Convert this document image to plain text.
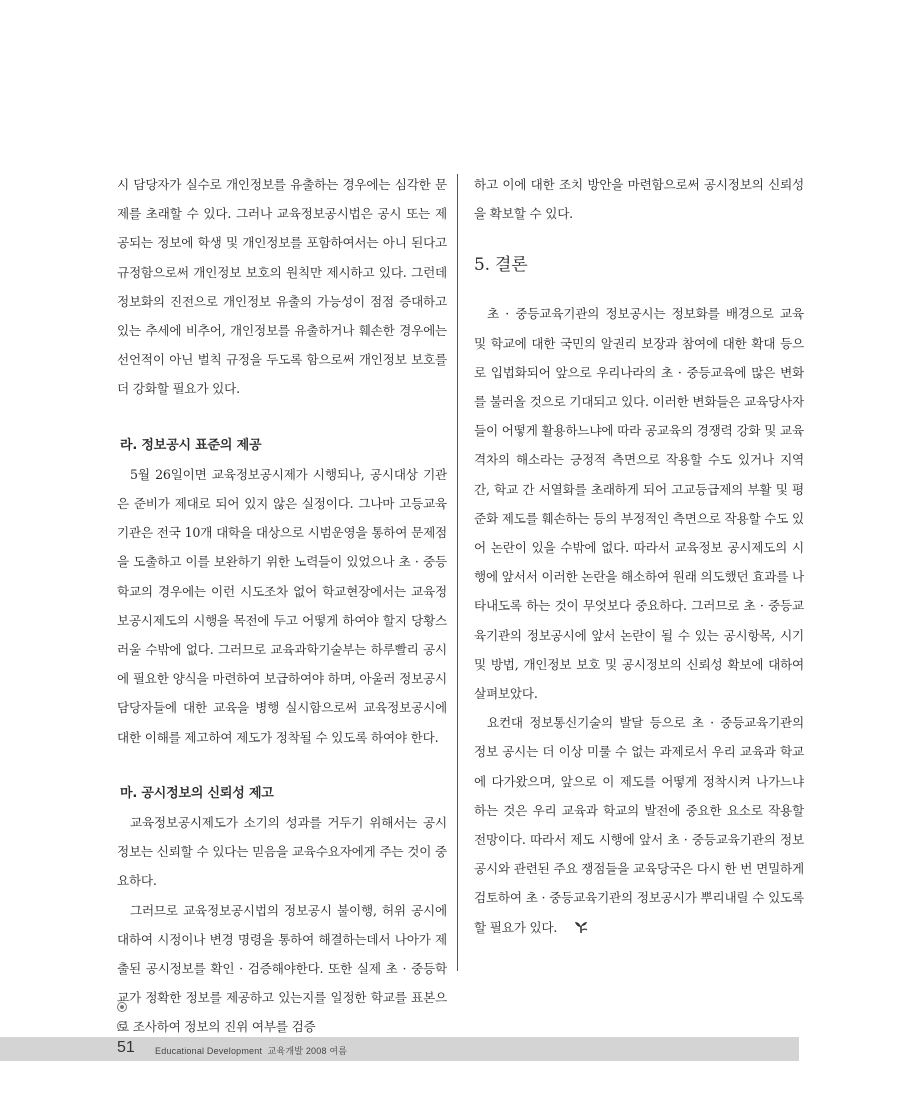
시 담당자가 실수로 개인정보를 유출하는 경우에는 심각한 문제를 초래할 수 있다. 그러나 교육정보공시법은 공시 또는 제공되는 정보에 학생 및 개인정보를 포함하여서는 아니 된다고 규정함으로써 개인정보 보호의 원칙만 제시하고 있다. 그런데 정보화의 진전으로 개인정보 유출의 가능성이 점점 증대하고 있는 추세에 비추어, 개인정보를 유출하거나 훼손한 경우에는 선언적이 아닌 벌칙 규정을 두도록 함으로써 개인정보 보호를 더 강화할 필요가 있다.

라. 정보공시 표준의 제공

5월 26일이면 교육정보공시제가 시행되나, 공시대상 기관은 준비가 제대로 되어 있지 않은 실정이다. 그나마 고등교육기관은 전국 10개 대학을 대상으로 시범운영을 통하여 문제점을 도출하고 이를 보완하기 위한 노력들이 있었으나 초 · 중등학교의 경우에는 이런 시도조차 없어 학교현장에서는 교육정보공시제도의 시행을 목전에 두고 어떻게 하여야 할지 당황스러울 수밖에 없다. 그러므로 교육과학기술부는 하루빨리 공시에 필요한 양식을 마련하여 보급하여야 하며, 아울러 정보공시 담당자들에 대한 교육을 병행 실시함으로써 교육정보공시에 대한 이해를 제고하여 제도가 정착될 수 있도록 하여야 한다.

마. 공시정보의 신뢰성 제고

교육정보공시제도가 소기의 성과를 거두기 위해서는 공시정보는 신뢰할 수 있다는 믿음을 교육수요자에게 주는 것이 중요하다.

그러므로 교육정보공시법의 정보공시 불이행, 허위 공시에 대하여 시정이나 변경 명령을 통하여 해결하는데서 나아가 제출된 공시정보를 확인 · 검증해야한다. 또한 실제 초 · 중등학교가 정확한 정보를 제공하고 있는지를 일정한 학교를 표본으로 조사하여 정보의 진위 여부를 검증

하고 이에 대한 조치 방안을 마련함으로써 공시정보의 신뢰성을 확보할 수 있다.

5. 결론

초 · 중등교육기관의 정보공시는 정보화를 배경으로 교육 및 학교에 대한 국민의 알권리 보장과 참여에 대한 확대 등으로 입법화되어 앞으로 우리나라의 초 · 중등교육에 많은 변화를 불러올 것으로 기대되고 있다. 이러한 변화들은 교육당사자들이 어떻게 활용하느냐에 따라 공교육의 경쟁력 강화 및 교육격차의 해소라는 긍정적 측면으로 작용할 수도 있거나 지역 간, 학교 간 서열화를 초래하게 되어 고교등급제의 부활 및 평준화 제도를 훼손하는 등의 부정적인 측면으로 작용할 수도 있어 논란이 있을 수밖에 없다. 따라서 교육정보 공시제도의 시행에 앞서서 이러한 논란을 해소하여 원래 의도했던 효과를 나타내도록 하는 것이 무엇보다 중요하다. 그러므로 초 · 중등교육기관의 정보공시에 앞서 논란이 될 수 있는 공시항목, 시기 및 방법, 개인정보 보호 및 공시정보의 신뢰성 확보에 대하여 살펴보았다.

요컨대 정보통신기술의 발달 등으로 초 · 중등교육기관의 정보 공시는 더 이상 미룰 수 없는 과제로서 우리 교육과 학교에 다가왔으며, 앞으로 이 제도를 어떻게 정착시켜 나가느냐 하는 것은 우리 교육과 학교의 발전에 중요한 요소로 작용할 전망이다. 따라서 제도 시행에 앞서 초 · 중등교육기관의 정보공시와 관련된 주요 쟁점들을 교육당국은 다시 한 번 면밀하게 검토하여 초 · 중등교육기관의 정보공시가 뿌리내릴 수 있도록 할 필요가 있다.

51 Educational Development 교육개발 2008 여름
